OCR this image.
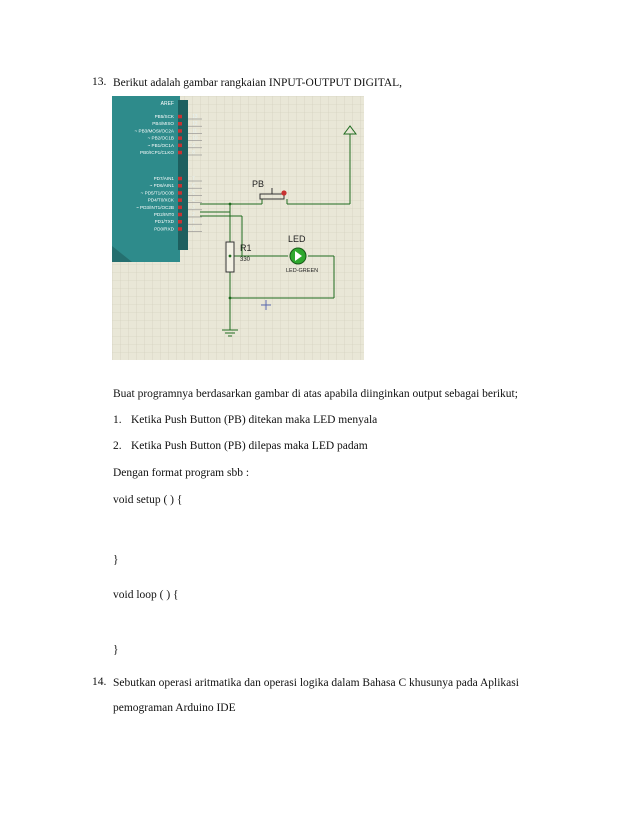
13. Berikut adalah gambar rangkaian INPUT-OUTPUT DIGITAL,
AREF
PB5/SCK	13
PB4/MISO	12
~ PB3/MOSI/OC2A	11
~ PB2/OC1B	10
~ PB1/OC1A	9
PB0/ICP1/CLKO	8
PD7/AIN1	7
~ PD6/AIN1	6
~ PD5/T1/OC0B	5
PD4/T0/XCK	4
~ PD3/INT1/OC2B	3
PD2/INT0	2
PD1/TXD	1
PD0/RXD	0
PB
R1
330
LED
LED-GREEN
Buat programnya berdasarkan gambar di atas apabila diinginkan output sebagai berikut;
1. Ketika Push Button (PB) ditekan maka LED menyala
2. Ketika Push Button (PB) dilepas maka LED padam
Dengan format program sbb :
void setup ( ) {
}
void loop ( ) {
}
14. Sebutkan operasi aritmatika dan operasi logika dalam Bahasa C khusunya pada Aplikasi
pemograman Arduino IDE
